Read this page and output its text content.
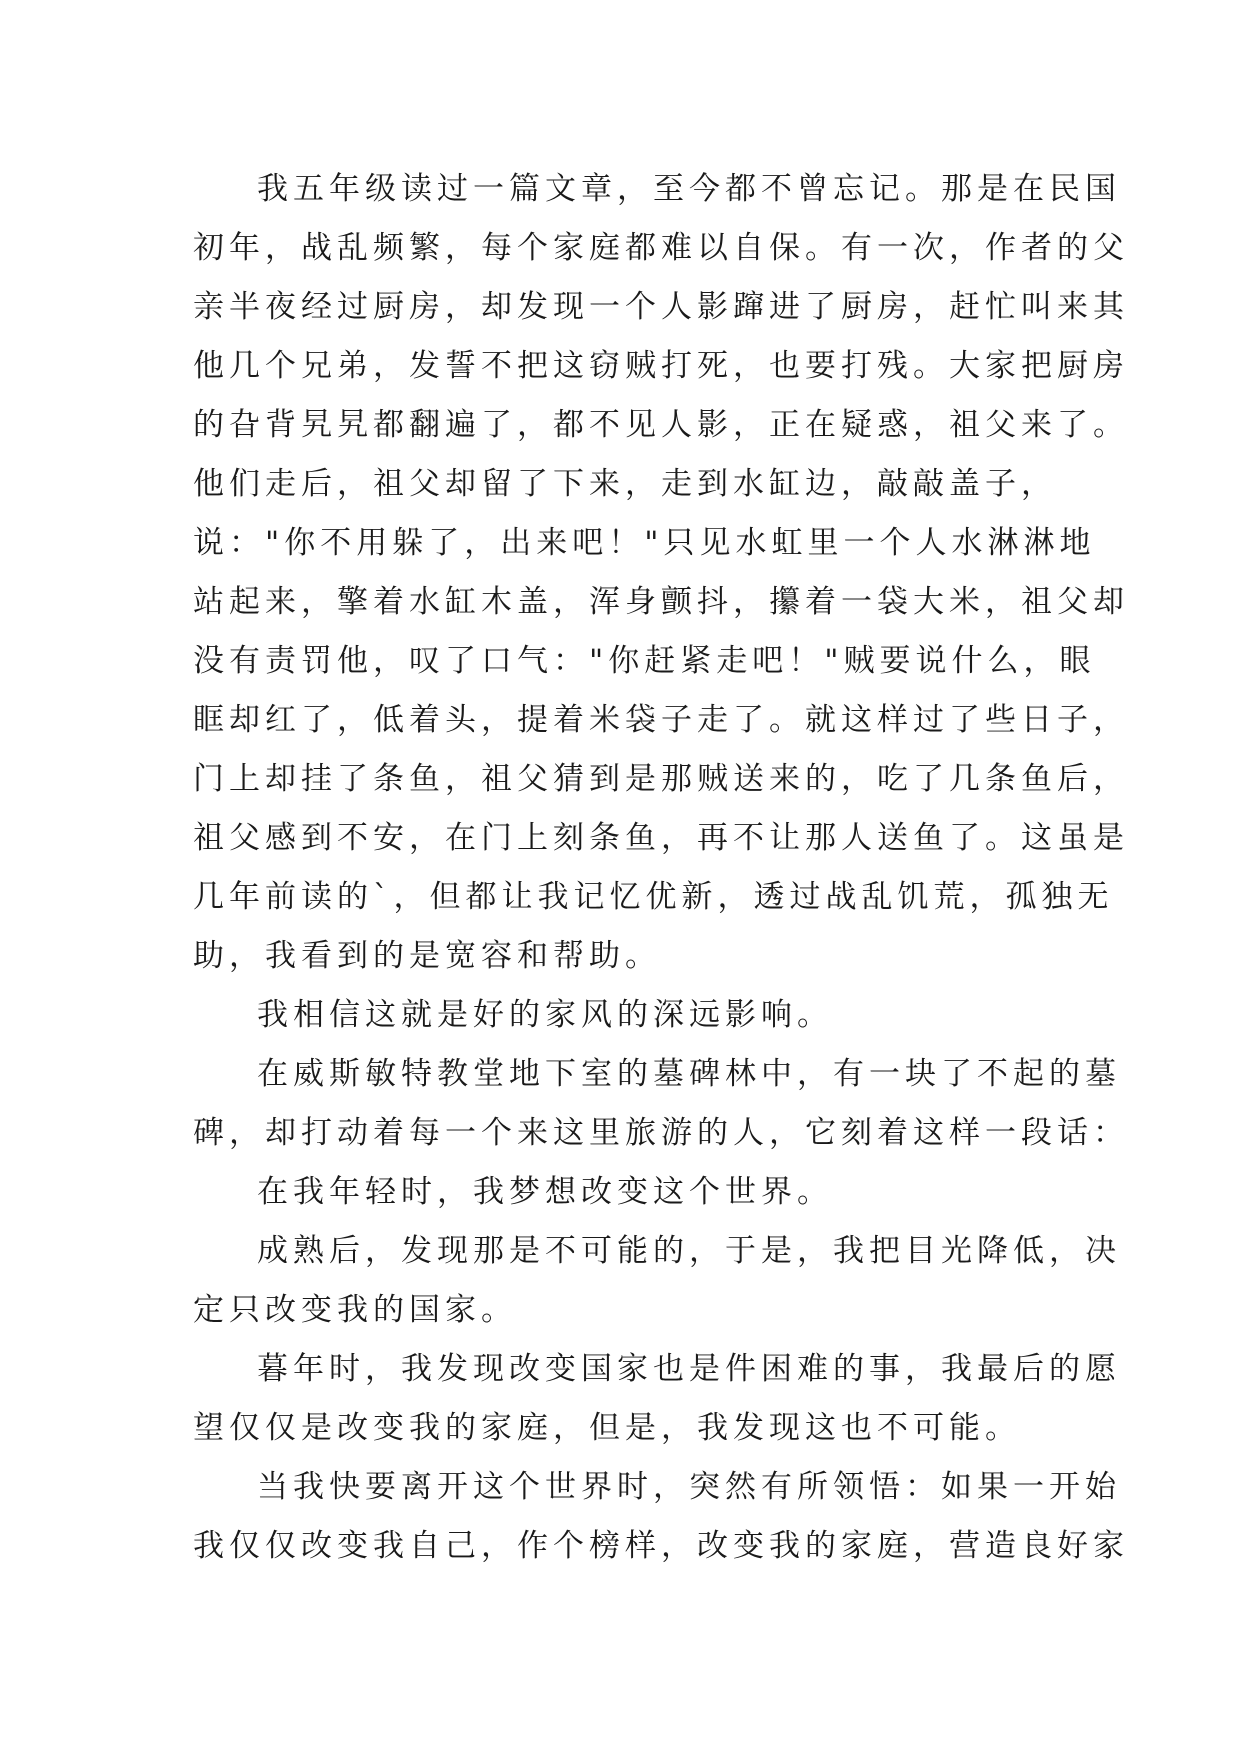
我五年级读过一篇文章，至今都不曾忘记。那是在民国
初年，战乱频繁，每个家庭都难以自保。有一次，作者的父
亲半夜经过厨房，却发现一个人影蹿进了厨房，赶忙叫来其
他几个兄弟，发誓不把这窃贼打死，也要打残。大家把厨房
的旮背旯旯都翻遍了，都不见人影，正在疑惑，祖父来了。
他们走后，祖父却留了下来，走到水缸边，敲敲盖子，
说："你不用躲了，出来吧！"只见水虹里一个人水淋淋地
站起来，擎着水缸木盖，浑身颤抖，攥着一袋大米，祖父却
没有责罚他，叹了口气："你赶紧走吧！"贼要说什么，眼
眶却红了，低着头，提着米袋子走了。就这样过了些日子，
门上却挂了条鱼，祖父猜到是那贼送来的，吃了几条鱼后，
祖父感到不安，在门上刻条鱼，再不让那人送鱼了。这虽是
几年前读的`，但都让我记忆优新，透过战乱饥荒，孤独无
助，我看到的是宽容和帮助。
我相信这就是好的家风的深远影响。
在威斯敏特教堂地下室的墓碑林中，有一块了不起的墓
碑，却打动着每一个来这里旅游的人，它刻着这样一段话：
在我年轻时，我梦想改变这个世界。
成熟后，发现那是不可能的，于是，我把目光降低，决
定只改变我的国家。
暮年时，我发现改变国家也是件困难的事，我最后的愿
望仅仅是改变我的家庭，但是，我发现这也不可能。
当我快要离开这个世界时，突然有所领悟：如果一开始
我仅仅改变我自己，作个榜样，改变我的家庭，营造良好家
